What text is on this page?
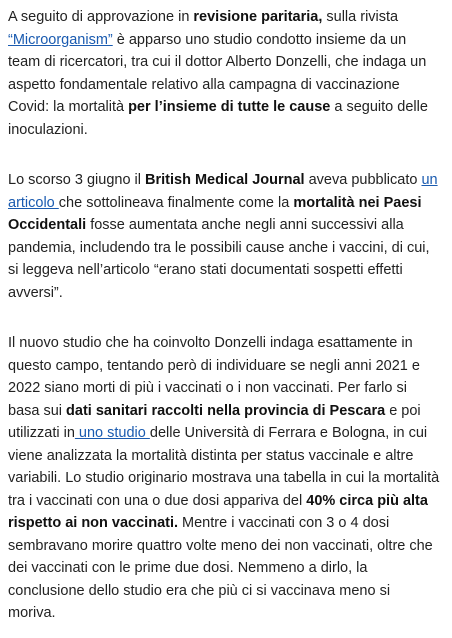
A seguito di approvazione in revisione paritaria, sulla rivista “Microorganism” è apparso uno studio condotto insieme da un team di ricercatori, tra cui il dottor Alberto Donzelli, che indaga un aspetto fondamentale relativo alla campagna di vaccinazione Covid: la mortalità per l’insieme di tutte le cause a seguito delle inoculazioni.

Lo scorso 3 giugno il British Medical Journal aveva pubblicato un articolo che sottolineava finalmente come la mortalità nei Paesi Occidentali fosse aumentata anche negli anni successivi alla pandemia, includendo tra le possibili cause anche i vaccini, di cui, si leggeva nell’articolo “erano stati documentati sospetti effetti avversi”.

Il nuovo studio che ha coinvolto Donzelli indaga esattamente in questo campo, tentando però di individuare se negli anni 2021 e 2022 siano morti di più i vaccinati o i non vaccinati. Per farlo si basa sui dati sanitari raccolti nella provincia di Pescara e poi utilizzati in uno studio delle Università di Ferrara e Bologna, in cui viene analizzata la mortalità distinta per status vaccinale e altre variabili. Lo studio originario mostrava una tabella in cui la mortalità tra i vaccinati con una o due dosi appariva del 40% circa più alta rispetto ai non vaccinati. Mentre i vaccinati con 3 o 4 dosi sembravano morire quattro volte meno dei non vaccinati, oltre che dei vaccinati con le prime due dosi. Nemmeno a dirlo, la conclusione dello studio era che più ci si vaccinava meno si moriva.
